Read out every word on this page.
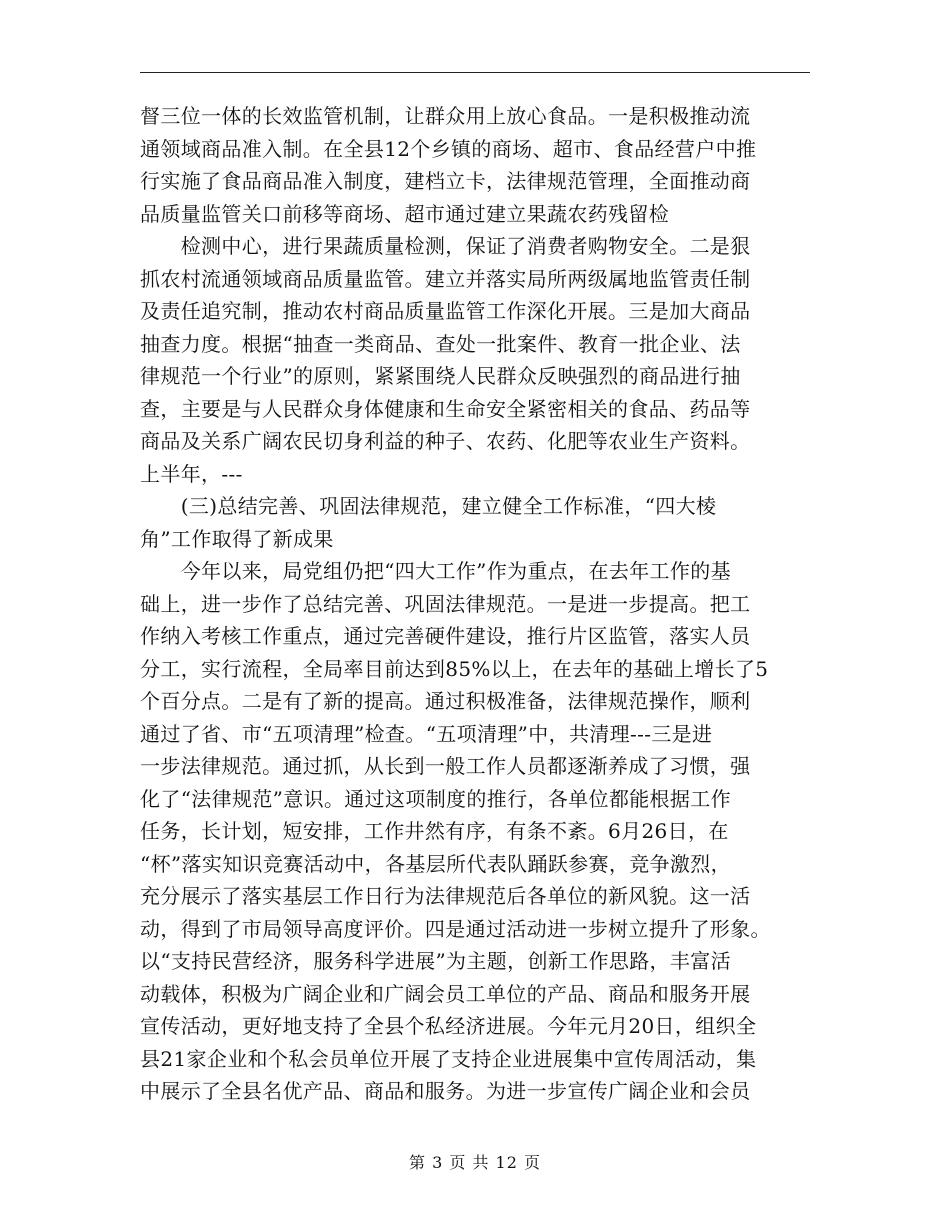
督三位一体的长效监管机制，让群众用上放心食品。一是积极推动流
通领域商品准入制。在全县12个乡镇的商场、超市、食品经营户中推
行实施了食品商品准入制度，建档立卡，法律规范管理，全面推动商
品质量监管关口前移等商场、超市通过建立果蔬农药残留检
　　检测中心，进行果蔬质量检测，保证了消费者购物安全。二是狠
抓农村流通领域商品质量监管。建立并落实局所两级属地监管责任制
及责任追究制，推动农村商品质量监管工作深化开展。三是加大商品
抽查力度。根据“抽查一类商品、查处一批案件、教育一批企业、法
律规范一个行业”的原则，紧紧围绕人民群众反映强烈的商品进行抽
查，主要是与人民群众身体健康和生命安全紧密相关的食品、药品等
商品及关系广阔农民切身利益的种子、农药、化肥等农业生产资料。
上半年，---
　　(三)总结完善、巩固法律规范，建立健全工作标准，“四大棱
角”工作取得了新成果
　　今年以来，局党组仍把“四大工作”作为重点，在去年工作的基
础上，进一步作了总结完善、巩固法律规范。一是进一步提高。把工
作纳入考核工作重点，通过完善硬件建设，推行片区监管，落实人员
分工，实行流程，全局率目前达到85%以上，在去年的基础上增长了5
个百分点。二是有了新的提高。通过积极准备，法律规范操作，顺利
通过了省、市“五项清理”检查。“五项清理”中，共清理---三是进
一步法律规范。通过抓，从长到一般工作人员都逐渐养成了习惯，强
化了“法律规范”意识。通过这项制度的推行，各单位都能根据工作
任务，长计划，短安排，工作井然有序，有条不紊。6月26日，在
“杯”落实知识竞赛活动中，各基层所代表队踊跃参赛，竞争激烈，
充分展示了落实基层工作日行为法律规范后各单位的新风貌。这一活
动，得到了市局领导高度评价。四是通过活动进一步树立提升了形象。
以“支持民营经济，服务科学进展”为主题，创新工作思路，丰富活
动载体，积极为广阔企业和广阔会员工单位的产品、商品和服务开展
宣传活动，更好地支持了全县个私经济进展。今年元月20日，组织全
县21家企业和个私会员单位开展了支持企业进展集中宣传周活动，集
中展示了全县名优产品、商品和服务。为进一步宣传广阔企业和会员
第 3 页 共 12 页
